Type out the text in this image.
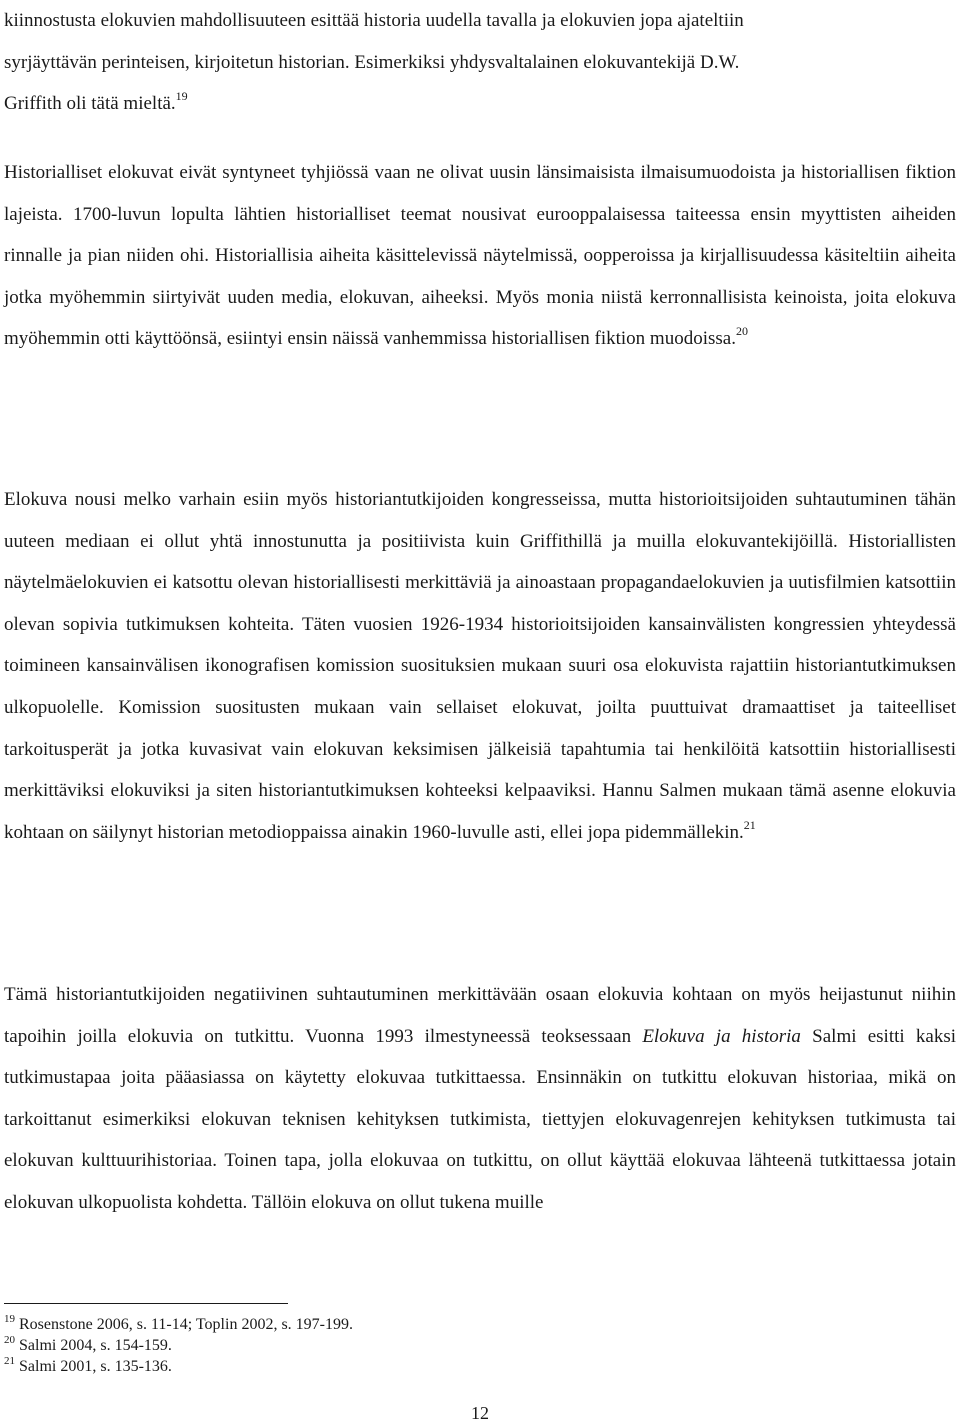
kiinnostusta elokuvien mahdollisuuteen esittää historia uudella tavalla ja elokuvien jopa ajateltiin
syrjäyttävän perinteisen, kirjoitetun historian. Esimerkiksi yhdysvaltalainen elokuvantekijä D.W.
Griffith oli tätä mieltä.$^{19}$

Historialliset elokuvat eivät syntyneet tyhjiössä vaan ne olivat uusin länsimaisista ilmaisumuodoista ja historiallisen fiktion lajeista. 1700-luvun lopulta lähtien historialliset teemat nousivat eurooppalaisessa taiteessa ensin myyttisten aiheiden rinnalle ja pian niiden ohi. Historiallisia aiheita käsittelevissä näytelmissä, oopperoissa ja kirjallisuudessa käsiteltiin aiheita jotka myöhemmin siirtyivät uuden media, elokuvan, aiheeksi. Myös monia niistä kerronnallisista keinoista, joita elokuva myöhemmin otti käyttöönsä, esiintyi ensin näissä vanhemmissa historiallisen fiktion muodoissa.$^{20}$

Elokuva nousi melko varhain esiin myös historiantutkijoiden kongresseissa, mutta historioitsijoiden suhtautuminen tähän uuteen mediaan ei ollut yhtä innostunutta ja positiivista kuin Griffithillä ja muilla elokuvantekijöillä. Historiallisten näytelmäelokuvien ei katsottu olevan historiallisesti merkittäviä ja ainoastaan propagandaelokuvien ja uutisfilmien katsottiin olevan sopivia tutkimuksen kohteita. Täten vuosien 1926-1934 historioitsijoiden kansainvälisten kongressien yhteydessä toimineen kansainvälisen ikonografisen komission suosituksien mukaan suuri osa elokuvista rajattiin historiantutkimuksen ulkopuolelle. Komission suositusten mukaan vain sellaiset elokuvat, joilta puuttuivat dramaattiset ja taiteelliset tarkoitusperät ja jotka kuvasivat vain elokuvan keksimisen jälkeisiä tapahtumia tai henkilöitä katsottiin historiallisesti merkittäviksi elokuviksi ja siten historiantutkimuksen kohteeksi kelpaaviksi. Hannu Salmen mukaan tämä asenne elokuvia kohtaan on säilynyt historian metodioppaissa ainakin 1960-luvulle asti, ellei jopa pidemmällekin.$^{21}$

Tämä historiantutkijoiden negatiivinen suhtautuminen merkittävään osaan elokuvia kohtaan on myös heijastunut niihin tapoihin joilla elokuvia on tutkittu. Vuonna 1993 ilmestyneessä teoksessaan Elokuva ja historia Salmi esitti kaksi tutkimustapaa joita pääasiassa on käytetty elokuvaa tutkittaessa. Ensinnäkin on tutkittu elokuvan historiaa, mikä on tarkoittanut esimerkiksi elokuvan teknisen kehityksen tutkimista, tiettyjen elokuvagenrejen kehityksen tutkimusta tai elokuvan kulttuurihistoriaa. Toinen tapa, jolla elokuvaa on tutkittu, on ollut käyttää elokuvaa lähteenä tutkittaessa jotain elokuvan ulkopuolista kohdetta. Tällöin elokuva on ollut tukena muille

$^{19}$ Rosenstone 2006, s. 11-14; Toplin 2002, s. 197-199.

$^{20}$ Salmi 2004, s. 154-159.

$^{21}$ Salmi 2001, s. 135-136.

12
